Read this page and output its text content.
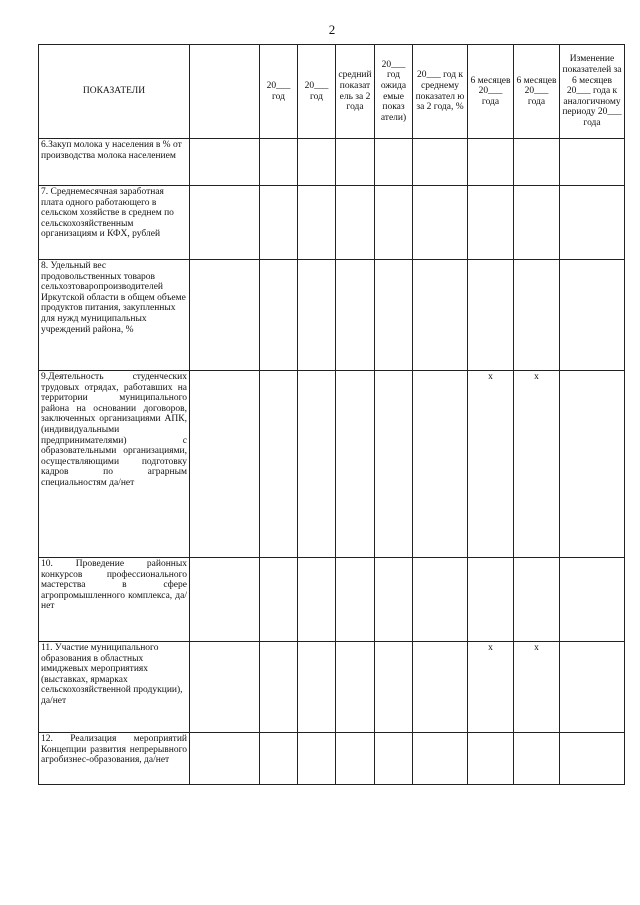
2
ПОКАЗАТЕЛИ		20___ год	20___ год	средний показат ель за 2 года	20___ год ожида емые показ атели)	20___ год к среднему показател ю за 2 года, %	6 месяцев 20___ года	6 месяцев 20___ года	Изменение показателей за 6 месяцев 20___ года к аналогичному периоду 20___ года
6.Закуп молока у населения в % от производства молока населением									
7. Среднемесячная заработная плата одного работающего в сельском хозяйстве в среднем по сельскохозяйственным организациям и КФХ, рублей									
8. Удельный вес продовольственных товаров сельхозтоваропроизводителей Иркутской области в общем объеме продуктов питания, закупленных для нужд муниципальных учреждений района, %									
9.Деятельность студенческих трудовых отрядах, работавших на территории муниципального района на основании договоров, заключенных организациями АПК, (индивидуальными предпринимателями) с образовательными организациями, осуществляющими подготовку кадров по аграрным специальностям да/нет							x	x	
10. Проведение районных конкурсов профессионального мастерства в сфере агропромышленного комплекса, да/нет									
11. Участие муниципального образования в областных имиджевых мероприятиях (выставках, ярмарках сельскохозяйственной продукции), да/нет							x	x	
12. Реализация мероприятий Концепции развития непрерывного агробизнес-образования, да/нет									
